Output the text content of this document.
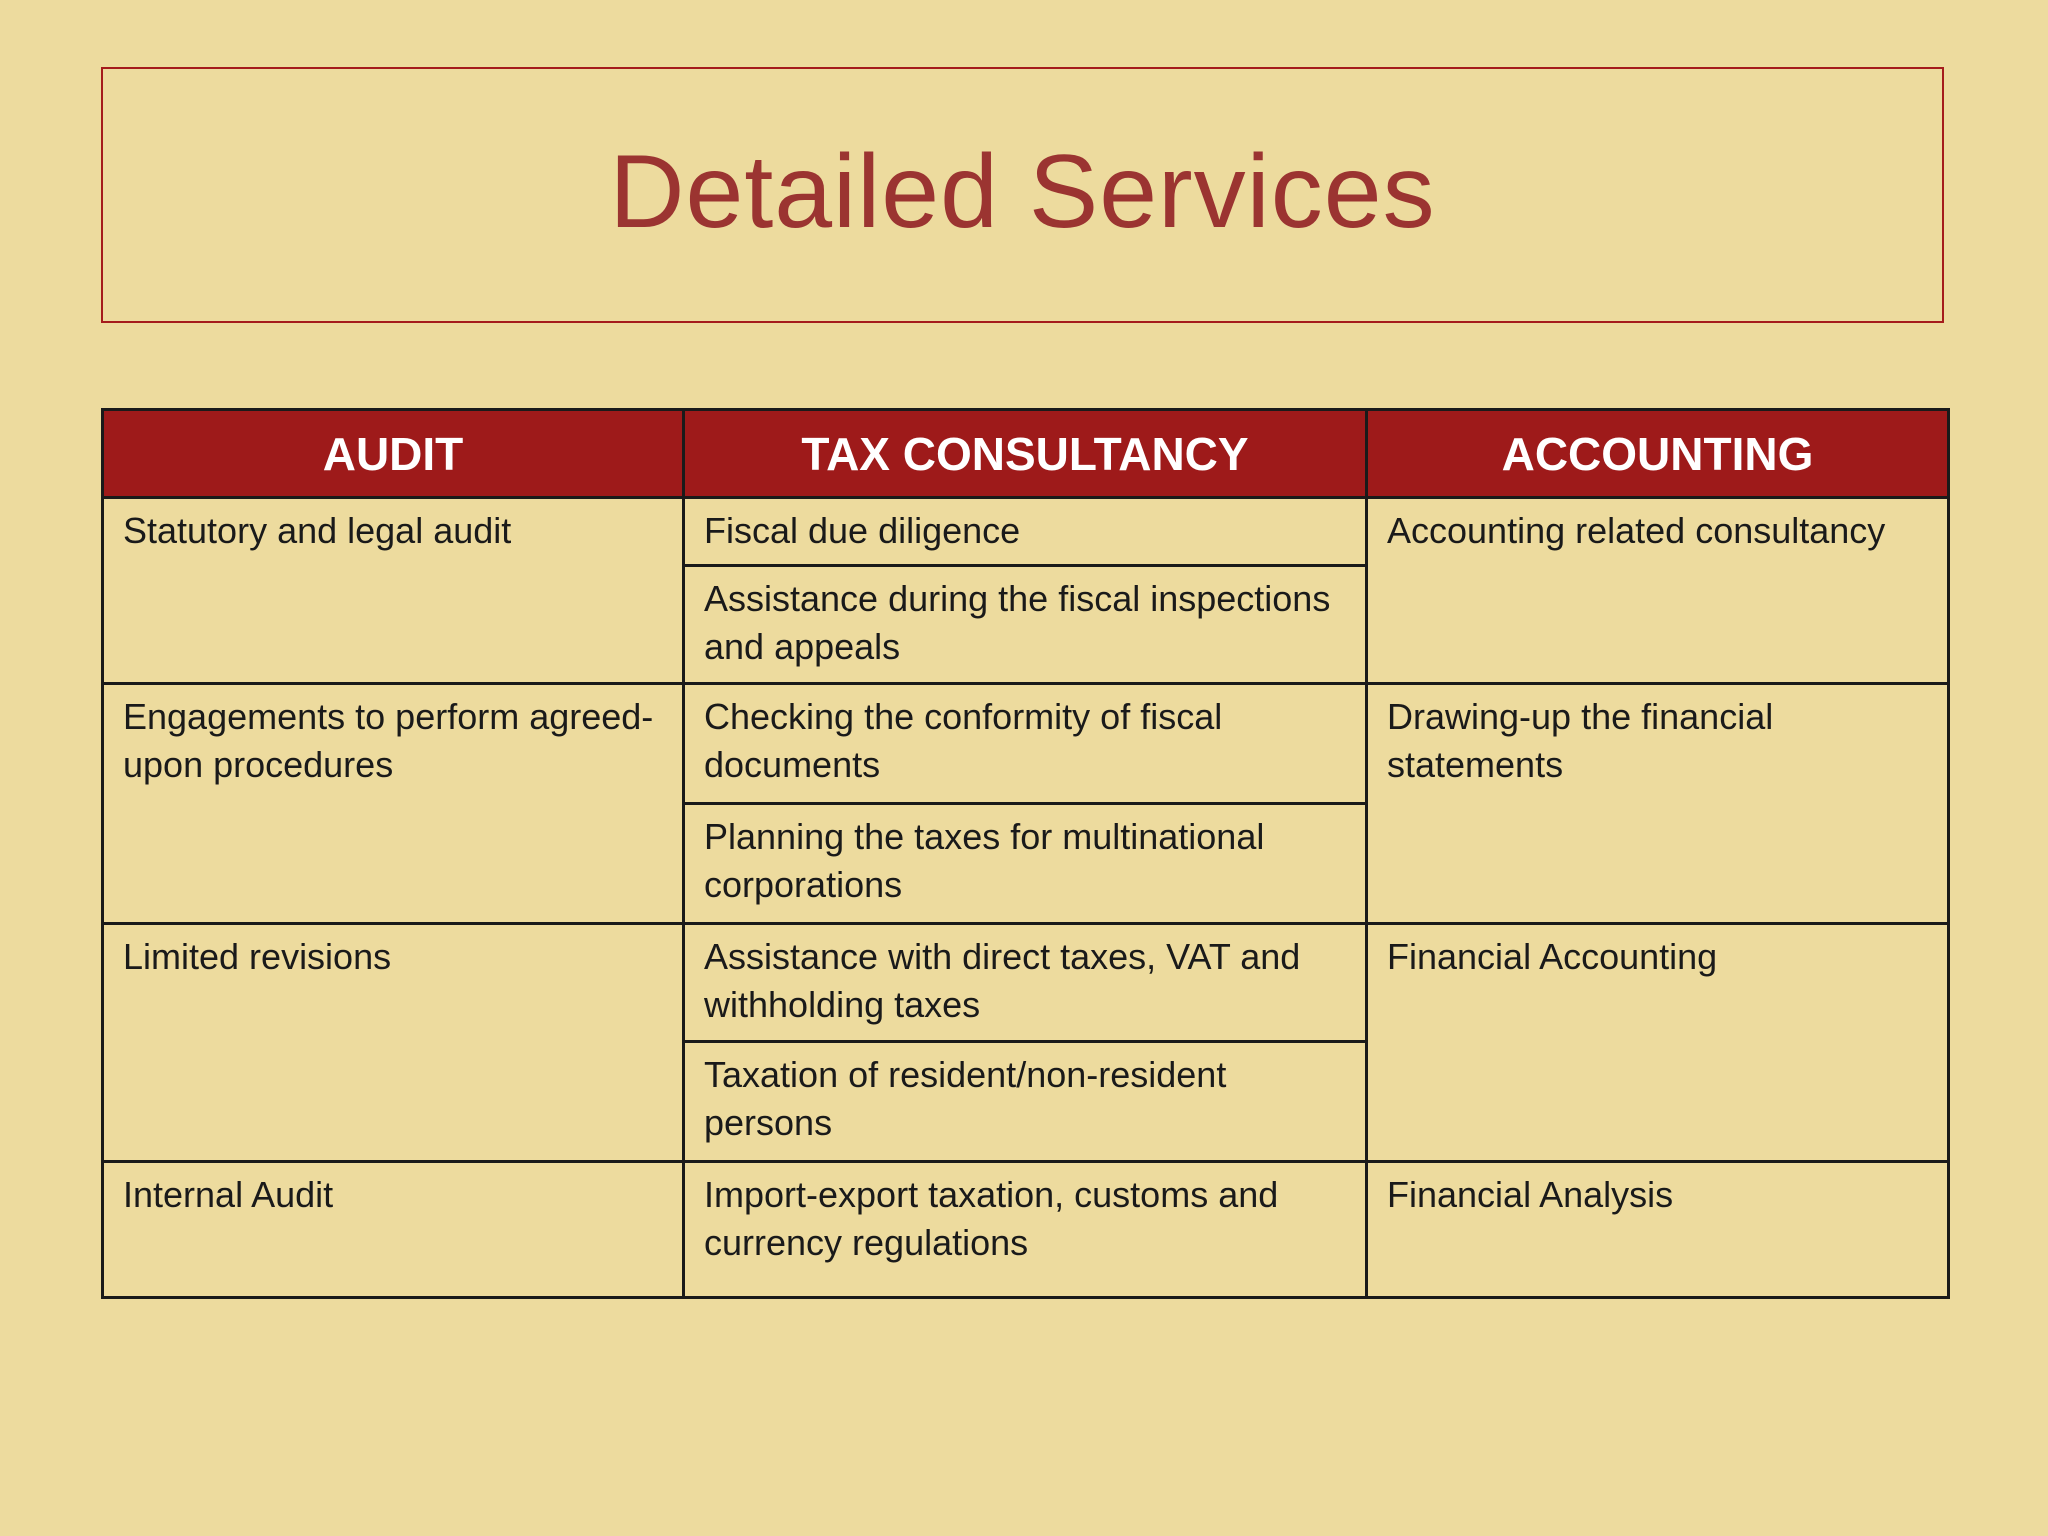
Detailed Services
AUDIT	TAX CONSULTANCY	ACCOUNTING
Statutory and legal audit	Fiscal due diligence	Accounting related consultancy
	Assistance during the fiscal inspections and appeals	
Engagements to perform agreed-upon procedures	Checking the conformity of fiscal documents	Drawing-up the financial statements
	Planning the taxes for multinational corporations	
Limited revisions	Assistance with direct taxes, VAT and withholding taxes	Financial Accounting
	Taxation of resident/non-resident persons	
Internal Audit	Import-export taxation, customs and currency regulations	Financial Analysis
